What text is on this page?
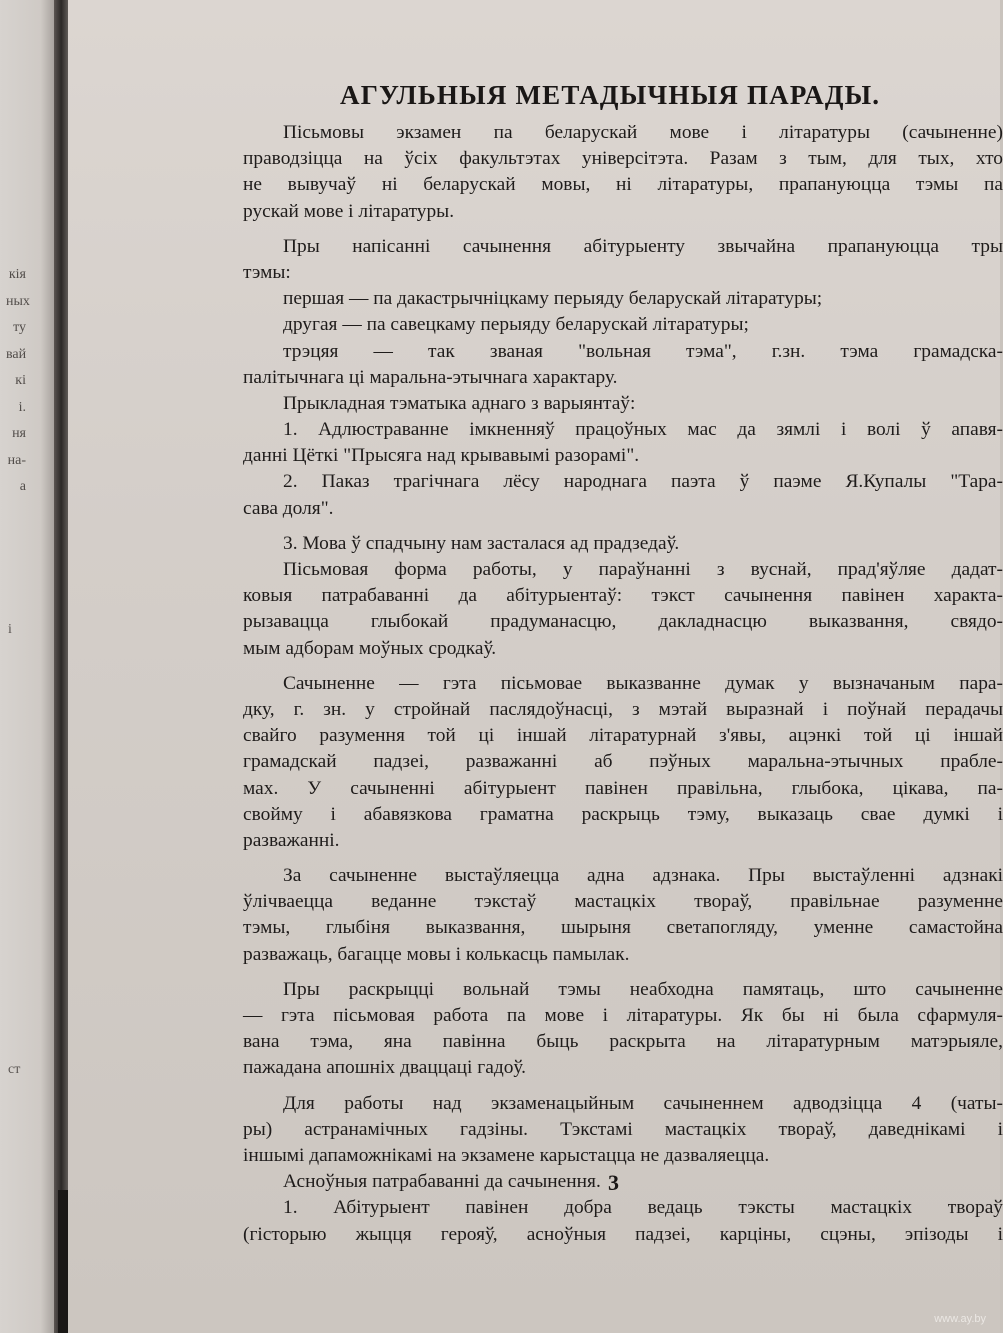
кія
ных
ту
вай
кі
і.
ня
на-
а
і
ст
АГУЛЬНЫЯ МЕТАДЫЧНЫЯ ПАРАДЫ.
Пісьмовы экзамен па беларускай мове і літаратуры (сачыненне)
праводзіцца на ўсіх факультэтах універсітэта. Разам з тым, для тых, хто
не вывучаў ні беларускай мовы, ні літаратуры, прапануюцца тэмы па
рускай мове і літаратуры.
Пры напісанні сачынення абітурыенту звычайна прапануюцца тры
тэмы:
першая — па дакастрычніцкаму перыяду беларускай літаратуры;
другая — па савецкаму перыяду беларускай літаратуры;
трэцяя — так званая "вольная тэма", г.зн. тэма грамадска-
палітычнага ці маральна-этычнага характару.
Прыкладная тэматыка аднаго з варыянтаў:
1. Адлюстраванне імкненняў працоўных мас да зямлі і волі ў апавя-
данні Цёткі "Прысяга над крывавымі разорамі".
2. Паказ трагічнага лёсу народнага паэта ў паэме Я.Купалы "Тара-
сава доля".
3. Мова ў спадчыну нам засталася ад прадзедаў.
Пісьмовая форма работы, у параўнанні з вуснай, прад'яўляе дадат-
ковыя патрабаванні да абітурыентаў: тэкст сачынення павінен характа-
рызавацца глыбокай прадуманасцю, дакладнасцю выказвання, свядо-
мым адборам моўных сродкаў.
Сачыненне — гэта пісьмовае выказванне думак у вызначаным пара-
дку, г. зн. у стройнай паслядоўнасці, з мэтай выразнай і поўнай перадачы
свайго разумення той ці іншай літаратурнай з'явы, ацэнкі той ці іншай
грамадскай падзеі, разважанні аб пэўных маральна-этычных прабле-
мах. У сачыненні абітурыент павінен правільна, глыбока, цікава, па-
свойму і абавязкова граматна раскрыць тэму, выказаць свае думкі і
разважанні.
За сачыненне выстаўляецца адна адзнака. Пры выстаўленні адзнакі
ўлічваецца веданне тэкстаў мастацкіх твораў, правільнае разуменне
тэмы, глыбіня выказвання, шырыня светапогляду, уменне самастойна
разважаць, багацце мовы і колькасць памылак.
Пры раскрыцці вольнай тэмы неабходна памятаць, што сачыненне
— гэта пісьмовая работа па мове і літаратуры. Як бы ні была сфармуля-
вана тэма, яна павінна быць раскрыта на літаратурным матэрыяле,
пажадана апошніх дваццаці гадоў.
Для работы над экзаменацыйным сачыненнем адводзіцца 4 (чаты-
ры) астранамічных гадзіны. Тэкстамі мастацкіх твораў, даведнікамі і
іншымі дапаможнікамі на экзамене карыстацца не дазваляецца.
Асноўныя патрабаванні да сачынення.
1. Абітурыент павінен добра ведаць тэксты мастацкіх твораў
(гісторыю жыцця герояў, асноўныя падзеі, карціны, сцэны, эпізоды і
3
www.ay.by
